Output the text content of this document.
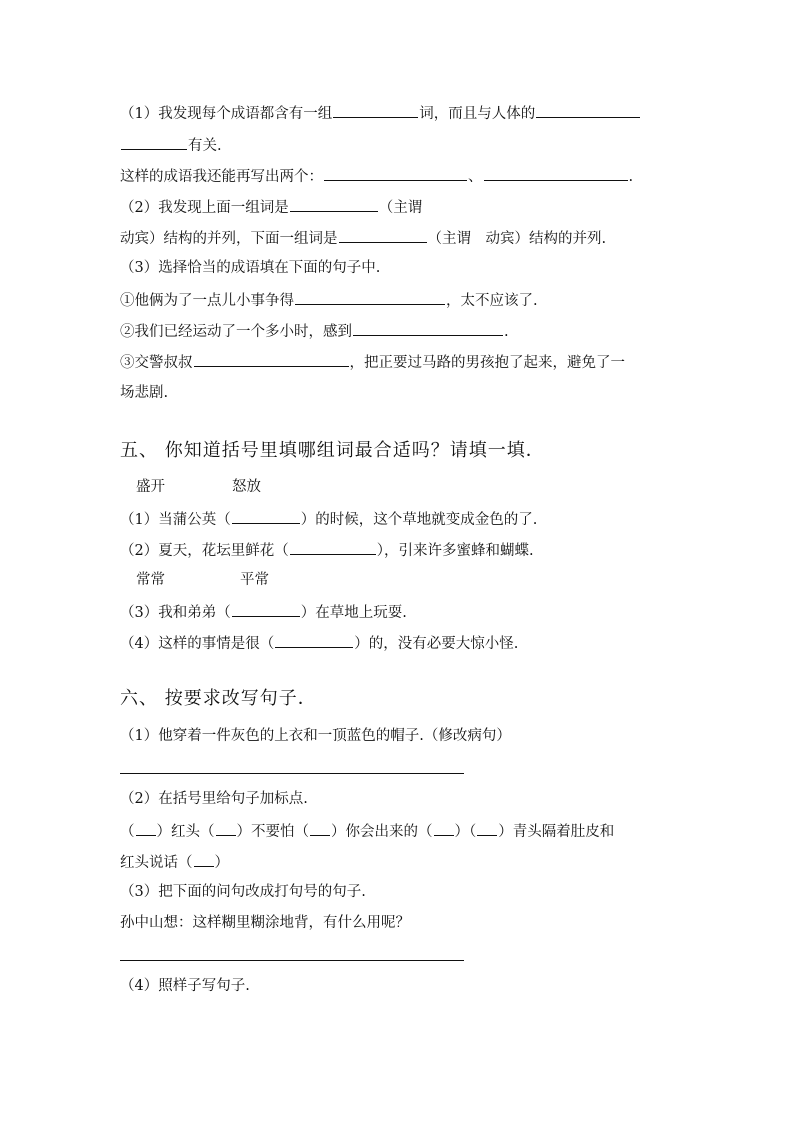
（1）我发现每个成语都含有一组	词，而且与人体的
有关.
这样的成语我还能再写出两个：	、	.
（2）我发现上面一组词是	（主谓
动宾）结构的并列，下面一组词是	（主谓　动宾）结构的并列.
（3）选择恰当的成语填在下面的句子中.
①他俩为了一点儿小事争得	，太不应该了.
②我们已经运动了一个多小时，感到	.
③交警叔叔	，把正要过马路的男孩抱了起来，避免了一
场悲剧.
五、 你知道括号里填哪组词最合适吗？请填一填．
盛开	怒放
（1）当蒲公英（	）的时候，这个草地就变成金色的了.
（2）夏天，花坛里鲜花（	），引来许多蜜蜂和蝴蝶.
常常	平常
（3）我和弟弟（	）在草地上玩耍.
（4）这样的事情是很（	）的，没有必要大惊小怪.
六、 按要求改写句子．
（1）他穿着一件灰色的上衣和一顶蓝色的帽子.（修改病句）
（2）在括号里给句子加标点.
（ ）红头（ ）不要怕（ ）你会出来的（ ）（ ）青头隔着肚皮和
红头说话（ ）
（3）把下面的问句改成打句号的句子.
孙中山想：这样糊里糊涂地背，有什么用呢？
（4）照样子写句子.
